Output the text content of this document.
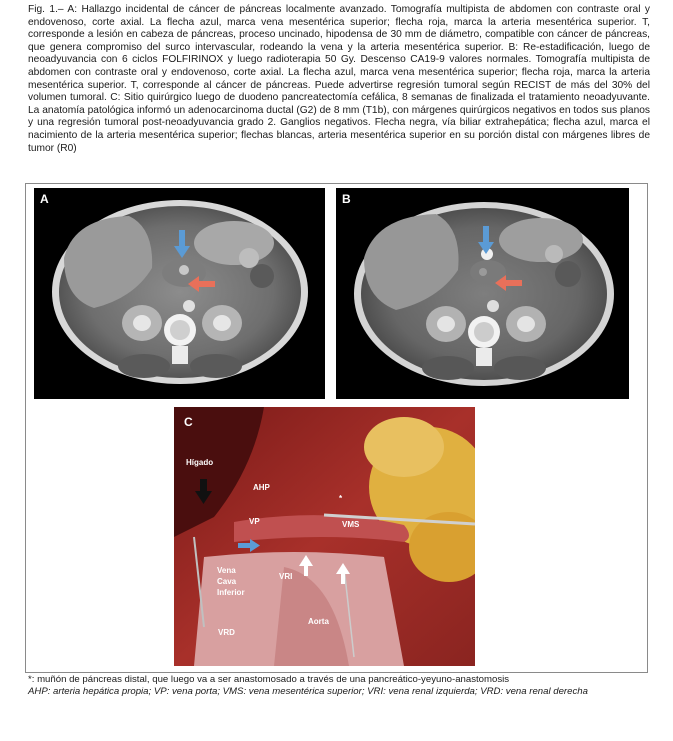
Fig. 1.– A: Hallazgo incidental de cáncer de páncreas localmente avanzado. Tomografía multipista de abdomen con contraste oral y endovenoso, corte axial. La flecha azul, marca vena mesentérica superior; flecha roja, marca la arteria mesentérica superior. T, corresponde a lesión en cabeza de páncreas, proceso uncinado, hipodensa de 30 mm de diámetro, compatible con cáncer de páncreas, que genera compromiso del surco intervascular, rodeando la vena y la arteria mesentérica superior. B: Re-estadificación, luego de neoadyuvancia con 6 ciclos FOLFIRINOX y luego radioterapia 50 Gy. Descenso CA19-9 valores normales. Tomografía multipista de abdomen con contraste oral y endovenoso, corte axial. La flecha azul, marca vena mesentérica superior; flecha roja, marca la arteria mesentérica superior. T, corresponde al cáncer de páncreas. Puede advertirse regresión tumoral según RECIST de más del 30% del volumen tumoral. C: Sitio quirúrgico luego de duodeno pancreatectomía cefálica, 8 semanas de finalizada el tratamiento neoadyuvante. La anatomía patológica informó un adenocarcinoma ductal (G2) de 8 mm (T1b), con márgenes quirúrgicos negativos en todos sus planos y una regresión tumoral post-neoadyuvancia grado 2. Ganglios negativos. Flecha negra, vía biliar extrahepática; flecha azul, marca el nacimiento de la arteria mesentérica superior; flechas blancas, arteria mesentérica superior en su porción distal con márgenes libres de tumor (R0)

A	B
C
Hígado
AHP
*
VP	VMS
Vena
Cava
Inferior
VRI
Aorta
VRD

*: muñón de páncreas distal, que luego va a ser anastomosado a través de una pancreático-yeyuno-anastomosis

AHP: arteria hepática propia; VP: vena porta; VMS: vena mesentérica superior; VRI: vena renal izquierda; VRD: vena renal derecha
